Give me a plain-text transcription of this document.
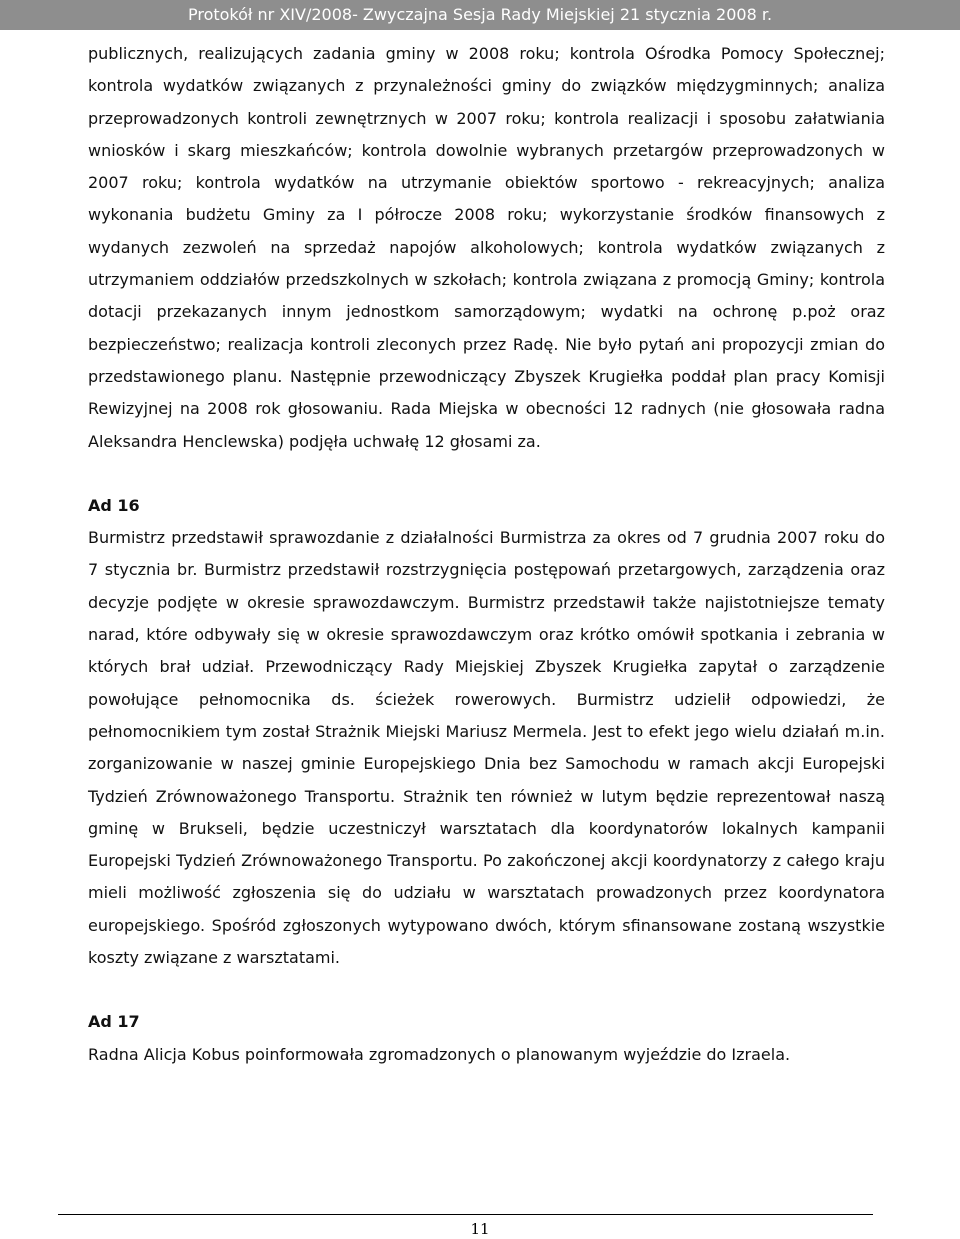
Protokół nr XIV/2008- Zwyczajna Sesja Rady Miejskiej 21 stycznia 2008 r.

publicznych, realizujących zadania gminy w 2008 roku; kontrola Ośrodka Pomocy Społecznej; kontrola wydatków związanych z przynależności gminy do związków międzygminnych; analiza przeprowadzonych kontroli zewnętrznych w 2007 roku; kontrola realizacji i sposobu załatwiania wniosków i skarg mieszkańców; kontrola dowolnie wybranych przetargów przeprowadzonych w 2007 roku; kontrola wydatków na utrzymanie obiektów sportowo - rekreacyjnych; analiza wykonania budżetu Gminy za I półrocze 2008 roku; wykorzystanie środków finansowych z wydanych zezwoleń na sprzedaż napojów alkoholowych; kontrola wydatków związanych z utrzymaniem oddziałów przedszkolnych w szkołach; kontrola związana z promocją Gminy; kontrola dotacji przekazanych innym jednostkom samorządowym; wydatki na ochronę p.poż oraz bezpieczeństwo; realizacja kontroli zleconych przez Radę. Nie było pytań ani propozycji zmian do przedstawionego planu. Następnie przewodniczący Zbyszek Krugiełka poddał plan pracy Komisji Rewizyjnej na 2008 rok głosowaniu. Rada Miejska w obecności 12 radnych (nie głosowała radna Aleksandra Henclewska) podjęła uchwałę 12 głosami za.

Ad 16

Burmistrz przedstawił sprawozdanie z działalności Burmistrza za okres od 7 grudnia 2007 roku do 7 stycznia br. Burmistrz przedstawił rozstrzygnięcia postępowań przetargowych, zarządzenia oraz decyzje podjęte w okresie sprawozdawczym. Burmistrz przedstawił także najistotniejsze tematy narad, które odbywały się w okresie sprawozdawczym oraz krótko omówił spotkania i zebrania w których brał udział. Przewodniczący Rady Miejskiej Zbyszek Krugiełka zapytał o zarządzenie powołujące pełnomocnika ds. ścieżek rowerowych. Burmistrz udzielił odpowiedzi, że pełnomocnikiem tym został Strażnik Miejski Mariusz Mermela. Jest to efekt jego wielu działań m.in. zorganizowanie w naszej gminie Europejskiego Dnia bez Samochodu w ramach akcji Europejski Tydzień Zrównoważonego Transportu. Strażnik ten również w lutym będzie reprezentował naszą gminę w Brukseli, będzie uczestniczył warsztatach dla koordynatorów lokalnych kampanii Europejski Tydzień Zrównoważonego Transportu. Po zakończonej akcji koordynatorzy z całego kraju mieli możliwość zgłoszenia się do udziału w warsztatach prowadzonych przez koordynatora europejskiego. Spośród zgłoszonych wytypowano dwóch, którym sfinansowane zostaną wszystkie koszty związane z warsztatami.

Ad 17

Radna Alicja Kobus poinformowała zgromadzonych o planowanym wyjeździe do Izraela.

11
